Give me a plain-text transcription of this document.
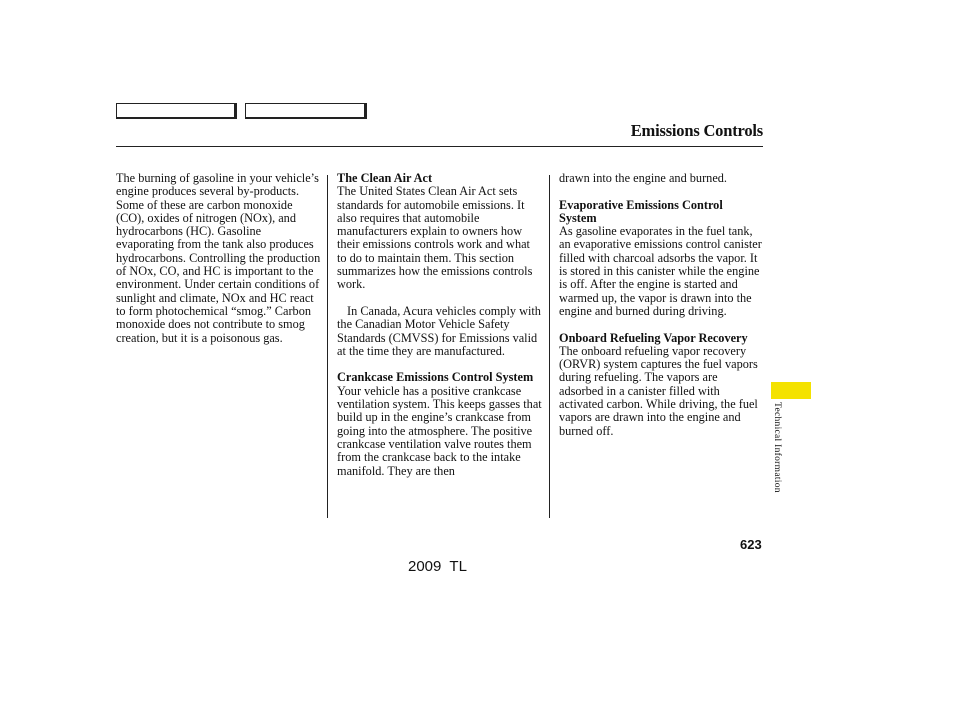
Emissions Controls

The burning of gasoline in your vehicle’s engine produces several by-products. Some of these are carbon monoxide (CO), oxides of nitrogen (NOx), and hydrocarbons (HC). Gasoline evaporating from the tank also produces hydrocarbons. Controlling the production of NOx, CO, and HC is important to the environment. Under certain conditions of sunlight and climate, NOx and HC react to form photochemical “smog.” Carbon monoxide does not contribute to smog creation, but it is a poisonous gas.

The Clean Air Act

The United States Clean Air Act sets standards for automobile emissions. It also requires that automobile manufacturers explain to owners how their emissions controls work and what to do to maintain them. This section summarizes how the emissions controls work.

In Canada, Acura vehicles comply with the Canadian Motor Vehicle Safety Standards (CMVSS) for Emissions valid at the time they are manufactured.

Crankcase Emissions Control System

Your vehicle has a positive crankcase ventilation system. This keeps gasses that build up in the engine’s crankcase from going into the atmosphere. The positive crankcase ventilation valve routes them from the crankcase back to the intake manifold. They are then

drawn into the engine and burned.

Evaporative Emissions Control System

As gasoline evaporates in the fuel tank, an evaporative emissions control canister filled with charcoal adsorbs the vapor. It is stored in this canister while the engine is off. After the engine is started and warmed up, the vapor is drawn into the engine and burned during driving.

Onboard Refueling Vapor Recovery

The onboard refueling vapor recovery (ORVR) system captures the fuel vapors during refueling. The vapors are adsorbed in a canister filled with activated carbon. While driving, the fuel vapors are drawn into the engine and burned off.	Technical Information
623
2009  TL
